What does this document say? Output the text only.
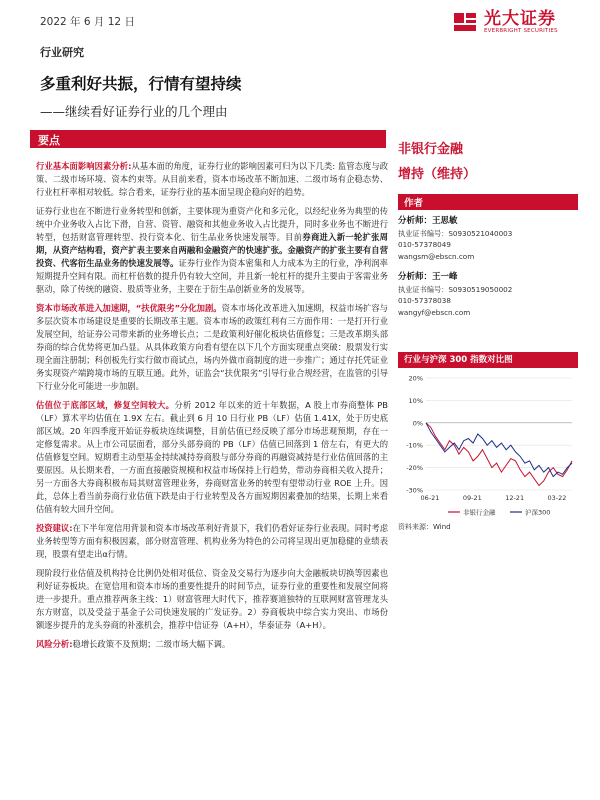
2022 年 6 月 12 日	光大证券
EVERBRIGHT SECURITIES
行业研究
多重利好共振，行情有望持续
——继续看好证券行业的几个理由
要点

行业基本面影响因素分析:从基本面的角度，证券行业的影响因素可归为以下几类: 监管态度与政策、二级市场环境、资本约束等。从目前来看，资本市场改革不断加速、二级市场有企稳态势、行业杠杆率相对较低。综合看来，证券行业的基本面呈现企稳向好的趋势。

证券行业也在不断进行业务转型和创新，主要体现为重资产化和多元化，以经纪业务为典型的传统中介业务收入占比下滑，自营、资管、融资和其他业务收入占比提升，同时多业务也不断进行转型，包括财富管理转型、投行资本化、衍生品业务快速发展等。目前券商进入新一轮扩张周期，从资产结构看，资产扩表主要来自两融和金融资产的快速扩张。金融资产的扩张主要有自营投资、代客衍生品业务的快速发展等。证券行业作为资本密集和人力成本为主的行业，净利润率短期提升空间有限。而杠杆倍数的提升仍有较大空间，并且新一轮杠杆的提升主要由于客需业务驱动，除了传统的融资、股质等业务，主要在于衍生品创新业务的发展等。

资本市场改革进入加速期，“扶优限劣”分化加剧。资本市场化改革进入加速期，权益市场扩容与多层次资本市场建设是重要的长期改革主题。资本市场的政策红利有三方面作用：一是打开行业发展空间，给证券公司带来新的业务增长点；二是政策利好催化板块估值修复；三是改革期头部券商的综合优势将更加凸显。从具体政策方向看有望在以下几个方面实现重点突破：股票发行实现全面注册制；科创板先行实行做市商试点，场内外做市商制度的进一步推广；通过存托凭证业务实现资产端跨境市场的互联互通。此外，证监会“扶优限劣”引导行业合规经营，在监管的引导下行业分化可能进一步加剧。

估值位于底部区域，修复空间较大。分析 2012 年以来的近十年数据，A 股上市券商整体 PB（LF）算术平均估值在 1.9X 左右。截止到 6 月 10 日行业 PB（LF）估值 1.41X，处于历史底部区域。20 年四季度开始证券板块连续调整，目前估值已经反映了部分市场悲观预期，存在一定修复需求。从上市公司层面看，部分头部券商的 PB（LF）估值已回落到 1 倍左右，有更大的估值修复空间。短期看主动型基金持续减持券商股与部分券商的再融资减持是行业估值回落的主要原因。从长期来看，一方面直接融资规模和权益市场保持上行趋势，带动券商相关收入提升；另一方面各大券商积极布局其财富管理业务，券商财富业务的转型有望带动行业 ROE 上升。因此，总体上看当前券商行业估值下跌是由于行业转型及各方面短期因素叠加的结果，长期上来看估值有较大回升空间。

投资建议:在下半年宽信用背景和资本市场改革利好背景下，我们仍看好证券行业表现。同时考虑业务转型等方面有积极因素，部分财富管理、机构业务为特色的公司将呈现出更加稳健的业绩表现，股票有望走出α行情。

现阶段行业估值及机构持仓比例仍处相对低位、资金及交易行为逐步向大金融板块切换等因素也利好证券板块。在宽信用和资本市场的重要性提升的时间节点，证券行业的重要性和发展空间将进一步提升。重点推荐两条主线：1）财富管理大时代下，推荐赛道独特的互联网财富管理龙头东方财富，以及受益于基金子公司快速发展的广发证券。2）券商板块中综合实力突出、市场份额逐步提升的龙头券商的补涨机会，推荐中信证券（A+H），华泰证券（A+H）。

风险分析:稳增长政策不及预期；二级市场大幅下调。

非银行金融
增持（维持）
作者
分析师：王思敏
执业证书编号：S0930521040003
010-57378049
wangsm@ebscn.com
分析师：王一峰
执业证书编号：S0930519050002
010-57378038
wangyf@ebscn.com
行业与沪深 300 指数对比图
20%
10%
0%
-10%
-20%
-30%
06-21	09-21	12-21	03-22
非银行金融	沪深300
资料来源：Wind
